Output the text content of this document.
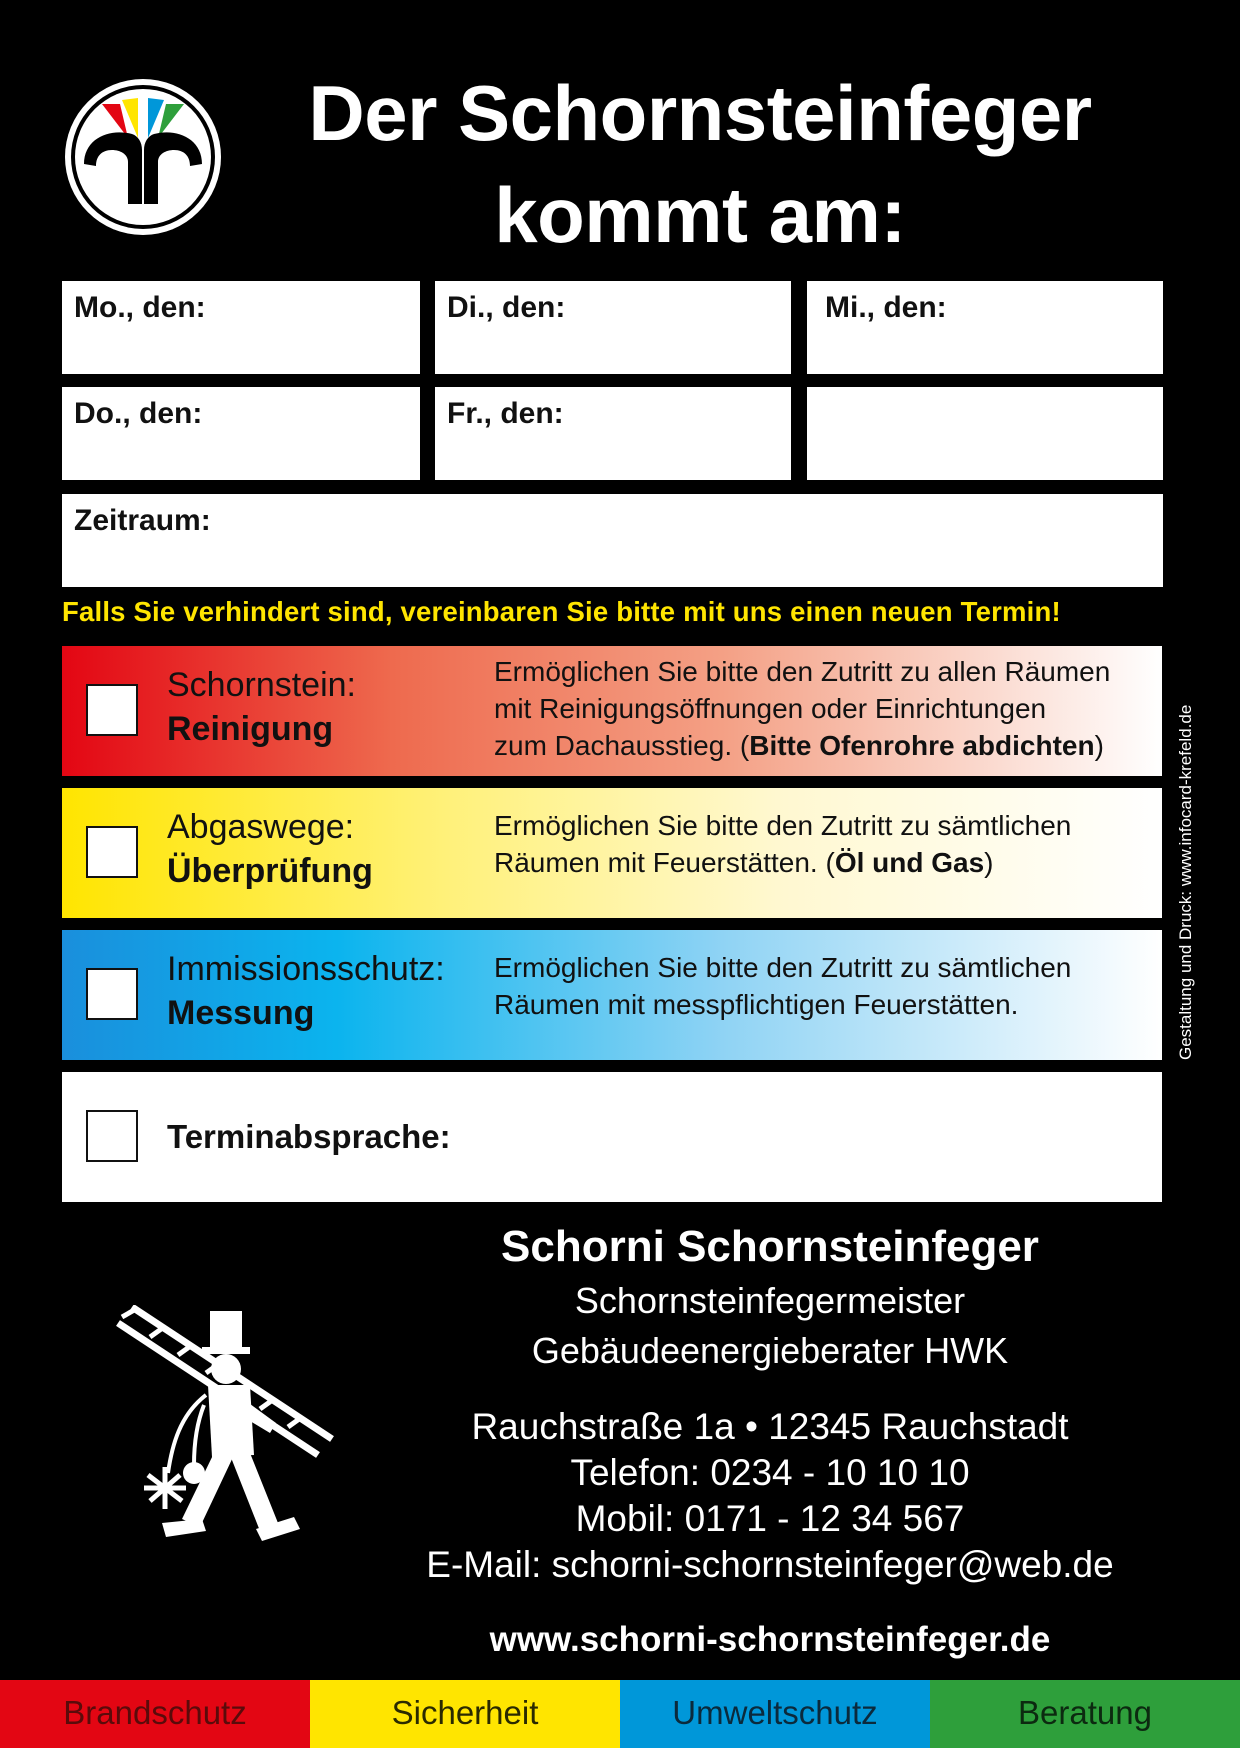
Der Schornsteinfeger
kommt am:
Mo., den:	Di., den:	Mi., den:
Do., den:	Fr., den:
Zeitraum:
Falls Sie verhindert sind, vereinbaren Sie bitte mit uns einen neuen Termin!
Schornstein:
Reinigung
Ermöglichen Sie bitte den Zutritt zu allen Räumen
mit Reinigungsöffnungen oder Einrichtungen
zum Dachausstieg. (Bitte Ofenrohre abdichten)
Abgaswege:
Überprüfung
Ermöglichen Sie bitte den Zutritt zu sämtlichen
Räumen mit Feuerstätten. (Öl und Gas)
Immissionsschutz:
Messung
Ermöglichen Sie bitte den Zutritt zu sämtlichen
Räumen mit messpflichtigen Feuerstätten.
Terminabsprache:
Gestaltung und Druck: www.infocard-krefeld.de
Schorni Schornsteinfeger
Schornsteinfegermeister
Gebäudeenergieberater HWK
Rauchstraße 1a • 12345 Rauchstadt
Telefon: 0234 - 10 10 10
Mobil: 0171 - 12 34 567
E-Mail: schorni-schornsteinfeger@web.de
www.schorni-schornsteinfeger.de
Brandschutz	Sicherheit	Umweltschutz	Beratung
